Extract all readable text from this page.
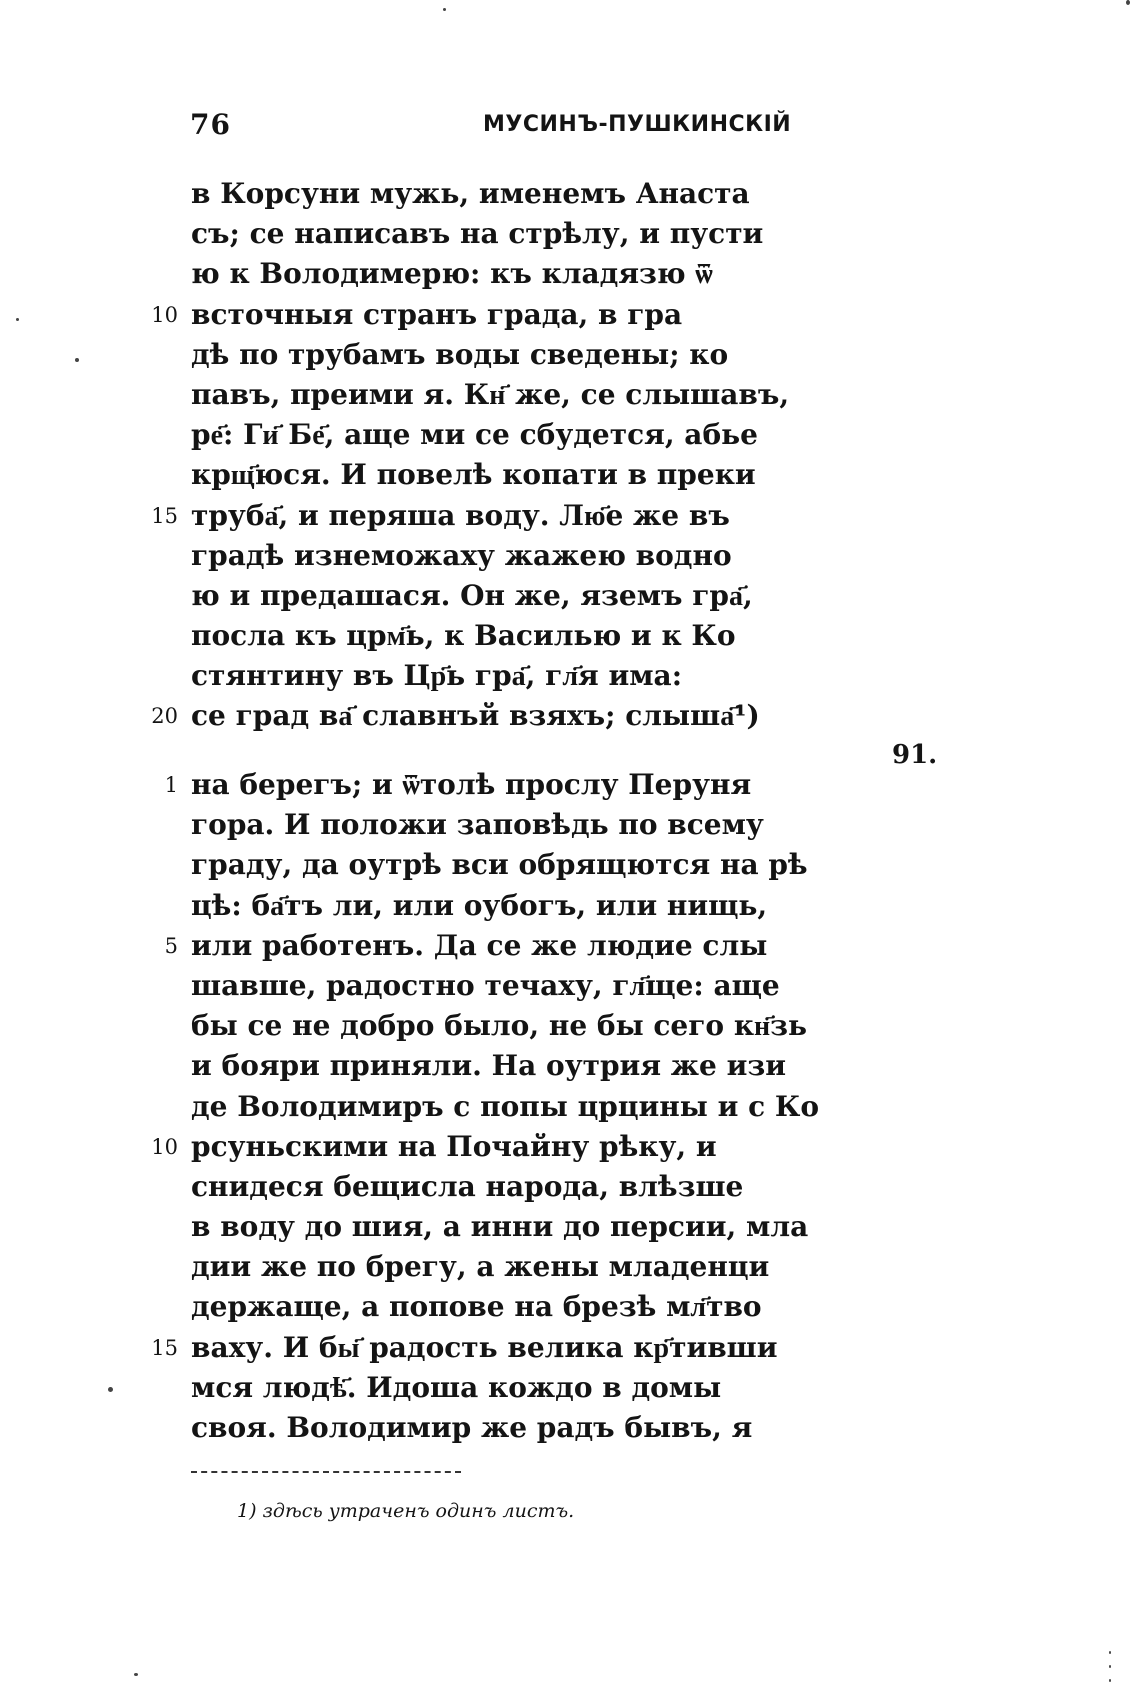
76	МУСИНЪ-ПУШКИНСКIЙ
в Корсуни мужь, именемъ Анаста
съ; се написавъ на стрѣлу, и пусти
ю к Володимерю: къ кладязю ѿ
10 всточныя странъ града, в гра
дѣ по трубамъ воды сведены; ко
павъ, преими я. Кн҃ же, се слышавъ,
ре҃: Ги҃ Бе҃, аще ми се сбудется, абье
крщ҃юся. И повелѣ копати в преки
15 труба҃, и перяша воду. Лю҃е же въ
градѣ изнеможаху жажею водно
ю и предашася. Он же, яземъ гра҃,
посла къ црм҃ь, к Василью и к Ко
стянтину въ Цр҃ь гра҃, гл҃я има:
20 се град ва҃ славнъй взяхъ; слыша҃¹)
91.
1 на берегъ; и ѿтолѣ прослу Перуня
гора. И положи заповѣдь по всему
граду, да оутрѣ вси обрящются на рѣ
цѣ: ба҃тъ ли, или оубогъ, или нищь,
5 или работенъ. Да се же людие слы
шавше, радостно течаху, гл҃ще: аще
бы се не добро было, не бы сего кн҃зь
и бояри приняли. На оутрия же изи
де Володимиръ с попы црцины и с Ко
10 рсуньскими на Почайну рѣку, и
снидеся бещисла народа, влѣзше
в воду до шия, а инни до персии, мла
дии же по брегу, а жены младенци
держаще, а попове на брезѣ мл҃тво
15 ваху. И бы҃ радость велика кр҃тивши
мся людѣ҃. Идоша кождо в домы
своя. Володимир же радъ бывъ, я
1) здѣсь утраченъ одинъ листъ.
